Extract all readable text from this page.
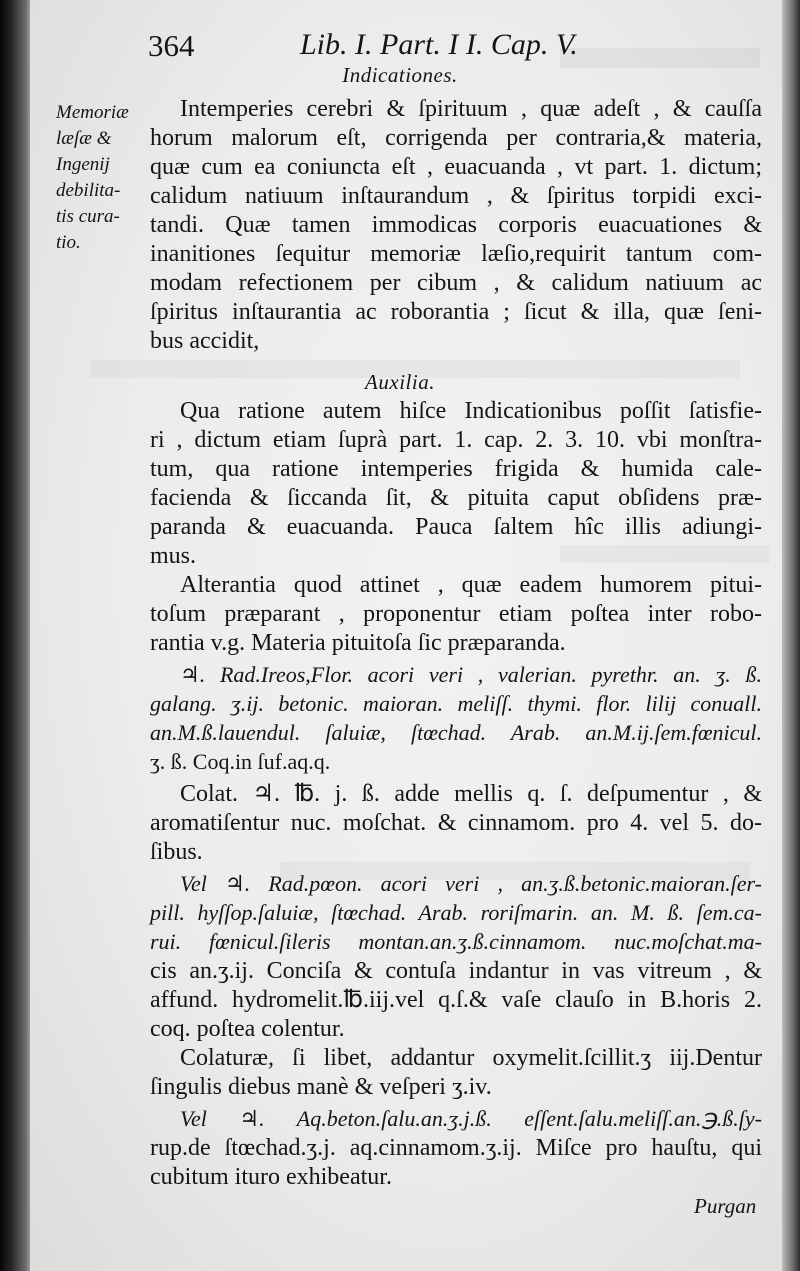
364	Lib. I. Part. I I. Cap. V.
Indicationes.
Memoriæ
læſæ &
Ingenij
debilita-
tis cura-
tio.
Intemperies cerebri & ſpirituum , quæ adeſt , & cauſſa
horum malorum eſt, corrigenda per contraria,& materia,
quæ cum ea coniuncta eſt , euacuanda , vt part. 1. dictum;
calidum natiuum inſtaurandum , & ſpiritus torpidi exci-
tandi. Quæ tamen immodicas corporis euacuationes &
inanitiones ſequitur memoriæ læſio,requirit tantum com-
modam refectionem per cibum , & calidum natiuum ac
ſpiritus inſtaurantia ac roborantia ; ſicut & illa, quæ ſeni-
bus accidit,
Auxilia.
Qua ratione autem hiſce Indicationibus poſſit ſatisfie-
ri , dictum etiam ſuprà part. 1. cap. 2. 3. 10. vbi monſtra-
tum, qua ratione intemperies frigida & humida cale-
facienda & ſiccanda ſit, & pituita caput obſidens præ-
paranda & euacuanda. Pauca ſaltem hîc illis adiungi-
mus.
Alterantia quod attinet , quæ eadem humorem pitui-
toſum præparant , proponentur etiam poſtea inter robo-
rantia v.g. Materia pituitoſa ſic præparanda.
♃. Rad.Ireos,Flor. acori veri , valerian. pyrethr. an. ʒ. ß.
galang. ʒ.ij. betonic. maioran. meliſſ. thymi. flor. lilij conuall.
an.M.ß.lauendul. ſaluiæ, ſtœchad. Arab. an.M.ij.ſem.fœnicul.
ʒ. ß. Coq.in ſuf.aq.q.
Colat. ♃. ℔. j. ß. adde mellis q. ſ. deſpumentur , &
aromatiſentur nuc. moſchat. & cinnamom. pro 4. vel 5. do-
ſibus.
Vel ♃. Rad.pœon. acori veri , an.ʒ.ß.betonic.maioran.ſer-
pill. hyſſop.ſaluiæ, ſtœchad. Arab. roriſmarin. an. M. ß. ſem.ca-
rui. fœnicul.ſileris montan.an.ʒ.ß.cinnamom. nuc.moſchat.ma-
cis an.ʒ.ij. Conciſa & contuſa indantur in vas vitreum , &
affund. hydromelit.℔.iij.vel q.ſ.& vaſe clauſo in B.horis 2.
coq. poſtea colentur.
Colaturæ, ſi libet, addantur oxymelit.ſcillit.ʒ iij.Dentur
ſingulis diebus manè & veſperi ʒ.iv.
Vel ♃. Aq.beton.ſalu.an.ʒ.j.ß. eſſent.ſalu.meliſſ.an.℈.ß.ſy-
rup.de ſtœchad.ʒ.j. aq.cinnamom.ʒ.ij. Miſce pro hauſtu, qui
cubitum ituro exhibeatur.
Purgan
